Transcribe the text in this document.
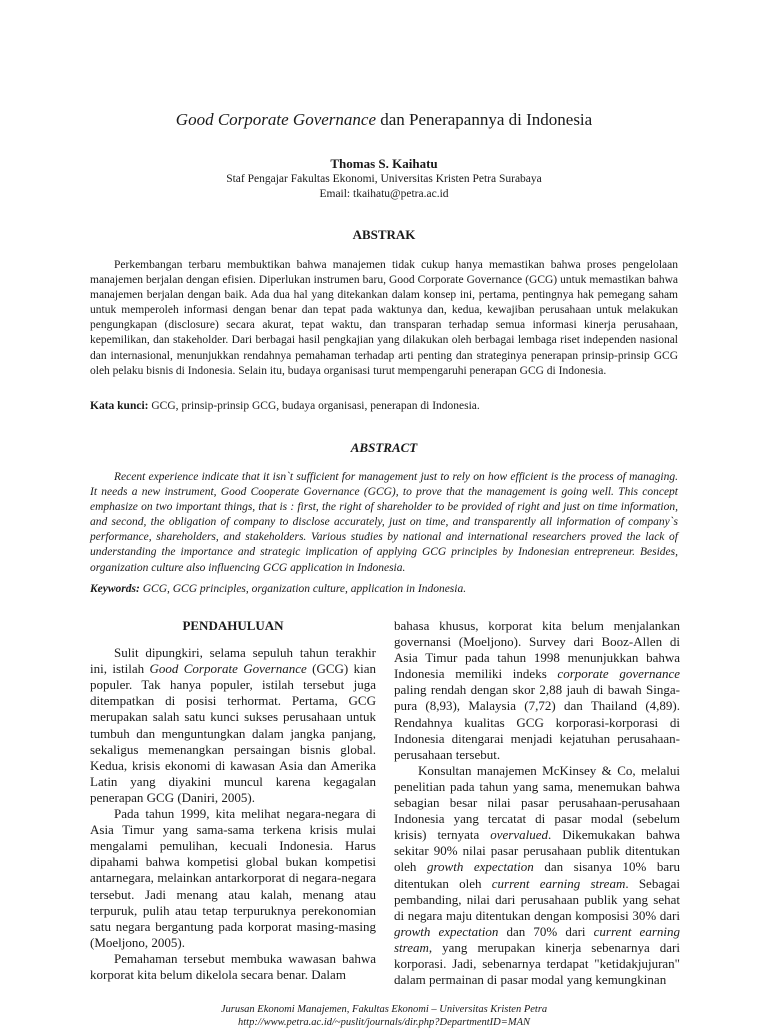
Good Corporate Governance dan Penerapannya di Indonesia
Thomas S. Kaihatu
Staf Pengajar Fakultas Ekonomi, Universitas Kristen Petra Surabaya
Email: tkaihatu@petra.ac.id
ABSTRAK

Perkembangan terbaru membuktikan bahwa manajemen tidak cukup hanya memastikan bahwa proses pengelolaan manajemen berjalan dengan efisien. Diperlukan instrumen baru, Good Corporate Governance (GCG) untuk memastikan bahwa manajemen berjalan dengan baik. Ada dua hal yang ditekankan dalam konsep ini, pertama, pentingnya hak pemegang saham untuk memperoleh informasi dengan benar dan tepat pada waktunya dan, kedua, kewajiban perusahaan untuk melakukan pengungkapan (disclosure) secara akurat, tepat waktu, dan transparan terhadap semua informasi kinerja perusahaan, kepemilikan, dan stakeholder. Dari berbagai hasil pengkajian yang dilakukan oleh berbagai lembaga riset independen nasional dan internasional, menunjukkan rendahnya pemahaman terhadap arti penting dan strateginya penerapan prinsip-prinsip GCG oleh pelaku bisnis di Indonesia. Selain itu, budaya organisasi turut mempengaruhi penerapan GCG di Indonesia.

Kata kunci: GCG, prinsip-prinsip GCG, budaya organisasi, penerapan di Indonesia.

ABSTRACT

Recent experience indicate that it isn`t sufficient for management just to rely on how efficient is the process of managing. It needs a new instrument, Good Cooperate Governance (GCG), to prove that the management is going well. This concept emphasize on two important things, that is : first, the right of shareholder to be provided of right and just on time information, and second, the obligation of company to disclose accurately, just on time, and transparently all information of company`s performance, shareholders, and stakeholders. Various studies by national and international researchers proved the lack of understanding the importance and strategic implication of applying GCG principles by Indonesian entrepreneur. Besides, organization culture also influencing GCG application in Indonesia.

Keywords: GCG, GCG principles, organization culture, application in Indonesia.

PENDAHULUAN

Sulit dipungkiri, selama sepuluh tahun terakhir ini, istilah Good Corporate Governance (GCG) kian populer. Tak hanya populer, istilah tersebut juga ditempatkan di posisi terhormat. Pertama, GCG merupakan salah satu kunci sukses perusahaan untuk tumbuh dan menguntungkan dalam jangka panjang, sekaligus memenangkan persaingan bisnis global. Kedua, krisis ekonomi di kawasan Asia dan Amerika Latin yang diyakini muncul karena kegagalan penerapan GCG (Daniri, 2005).

Pada tahun 1999, kita melihat negara-negara di Asia Timur yang sama-sama terkena krisis mulai mengalami pemulihan, kecuali Indonesia. Harus dipahami bahwa kompetisi global bukan kompetisi antarnegara, melainkan antarkorporat di negara-negara tersebut. Jadi menang atau kalah, menang atau terpuruk, pulih atau tetap terpuruknya perekonomian satu negara bergantung pada korporat masing-masing (Moeljono, 2005).

Pemahaman tersebut membuka wawasan bahwa korporat kita belum dikelola secara benar. Dalam

bahasa khusus, korporat kita belum menjalankan governansi (Moeljono). Survey dari Booz-Allen di Asia Timur pada tahun 1998 menunjukkan bahwa Indonesia memiliki indeks corporate governance paling rendah dengan skor 2,88 jauh di bawah Singa-pura (8,93), Malaysia (7,72) dan Thailand (4,89). Rendahnya kualitas GCG korporasi-korporasi di Indonesia ditengarai menjadi kejatuhan perusahaan-perusahaan tersebut.

Konsultan manajemen McKinsey & Co, melalui penelitian pada tahun yang sama, menemukan bahwa sebagian besar nilai pasar perusahaan-perusahaan Indonesia yang tercatat di pasar modal (sebelum krisis) ternyata overvalued. Dikemukakan bahwa sekitar 90% nilai pasar perusahaan publik ditentukan oleh growth expectation dan sisanya 10% baru ditentukan oleh current earning stream. Sebagai pembanding, nilai dari perusahaan publik yang sehat di negara maju ditentukan dengan komposisi 30% dari growth expectation dan 70% dari current earning stream, yang merupakan kinerja sebenarnya dari korporasi. Jadi, sebenarnya terdapat "ketidakjujuran" dalam permainan di pasar modal yang kemungkinan

Jurusan Ekonomi Manajemen, Fakultas Ekonomi – Universitas Kristen Petra
http://www.petra.ac.id/~puslit/journals/dir.php?DepartmentID=MAN
